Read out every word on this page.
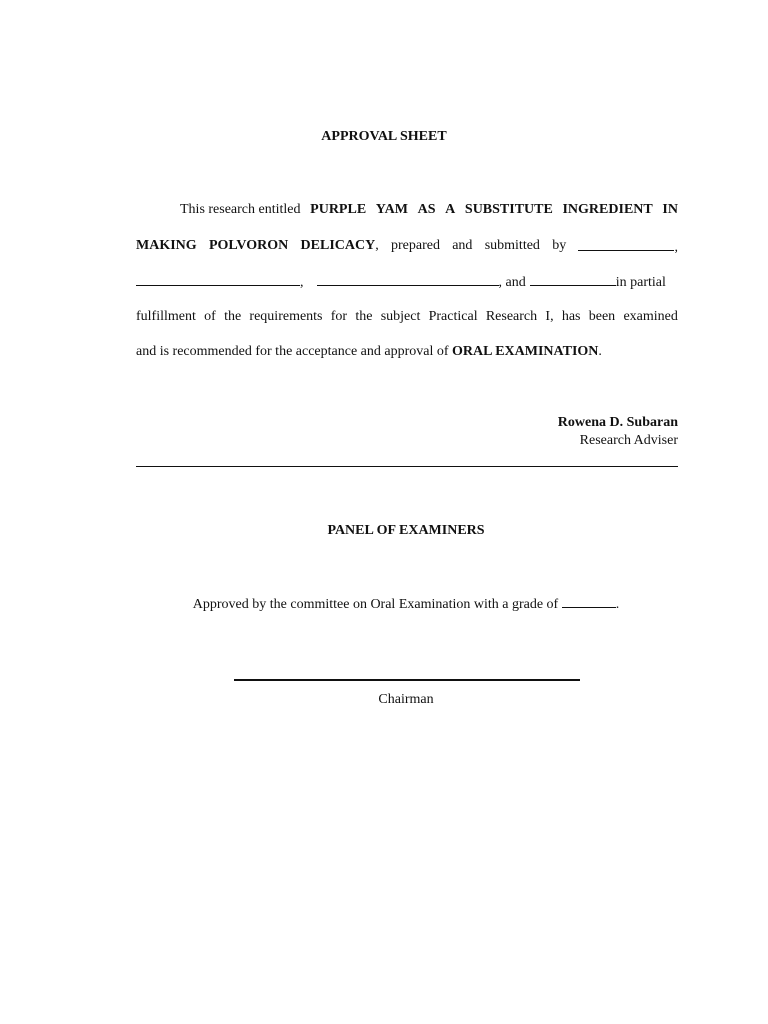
APPROVAL SHEET
This research entitled PURPLE YAM AS A SUBSTITUTE INGREDIENT IN
MAKING POLVORON DELICACY, prepared and submitted by	,
,	, and	in partial
fulfillment of the requirements for the subject Practical Research I, has been examined
and is recommended for the acceptance and approval of ORAL EXAMINATION.
Rowena D. Subaran
Research Adviser
PANEL OF EXAMINERS
Approved by the committee on Oral Examination with a grade of	.
Chairman
